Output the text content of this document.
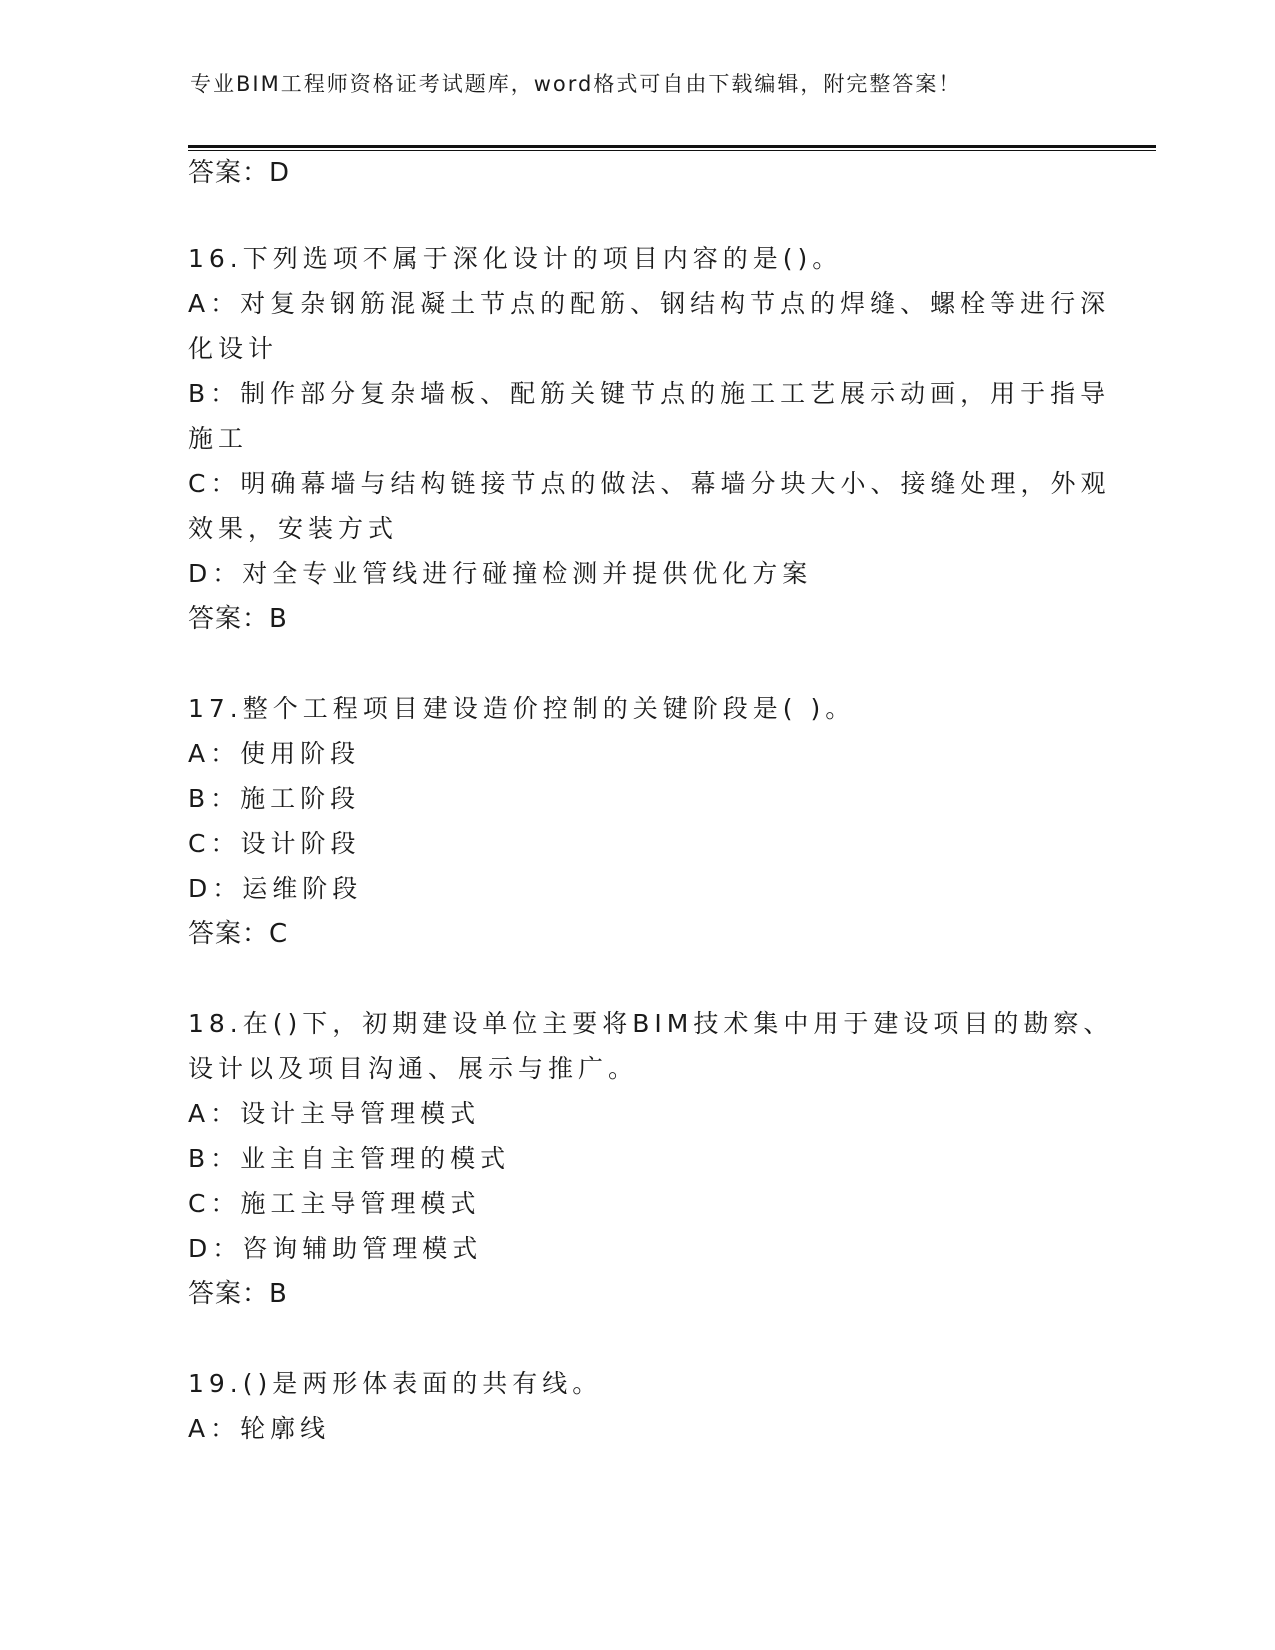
专业BIM工程师资格证考试题库，word格式可自由下载编辑，附完整答案！
答案：D
16.下列选项不属于深化设计的项目内容的是()。
A：对复杂钢筋混凝土节点的配筋、钢结构节点的焊缝、螺栓等进行深
化设计
B：制作部分复杂墙板、配筋关键节点的施工工艺展示动画，用于指导
施工
C：明确幕墙与结构链接节点的做法、幕墙分块大小、接缝处理，外观
效果，安装方式
D：对全专业管线进行碰撞检测并提供优化方案
答案：B
17.整个工程项目建设造价控制的关键阶段是( )。
A：使用阶段
B：施工阶段
C：设计阶段
D：运维阶段
答案：C
18.在()下，初期建设单位主要将BIM技术集中用于建设项目的勘察、
设计以及项目沟通、展示与推广。
A：设计主导管理模式
B：业主自主管理的模式
C：施工主导管理模式
D：咨询辅助管理模式
答案：B
19.()是两形体表面的共有线。
A：轮廓线
